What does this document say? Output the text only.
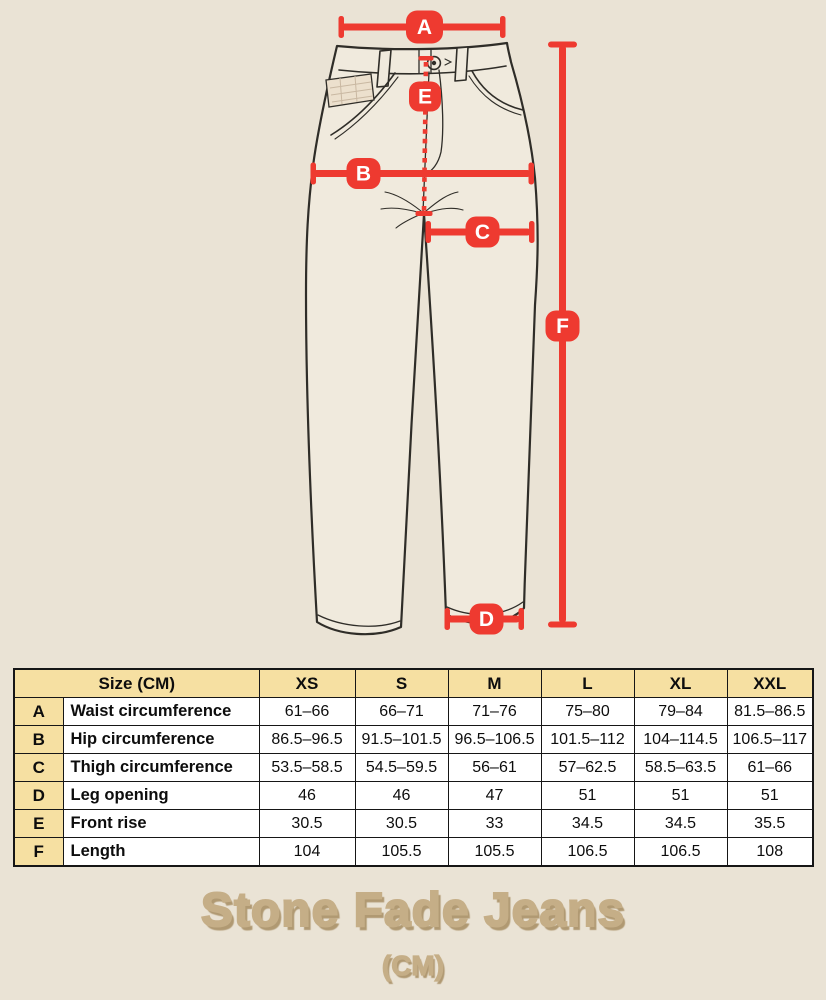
A
E
B
C
D
F
Size (CM)		XS	S	M	L	XL	XXL
A	Waist circumference	61–66	66–71	71–76	75–80	79–84	81.5–86.5
B	Hip circumference	86.5–96.5	91.5–101.5	96.5–106.5	101.5–112	104–114.5	106.5–117
C	Thigh circumference	53.5–58.5	54.5–59.5	56–61	57–62.5	58.5–63.5	61–66
D	Leg opening	46	46	47	51	51	51
E	Front rise	30.5	30.5	33	34.5	34.5	35.5
F	Length	104	105.5	105.5	106.5	106.5	108
Stone Fade Jeans
(CM)
